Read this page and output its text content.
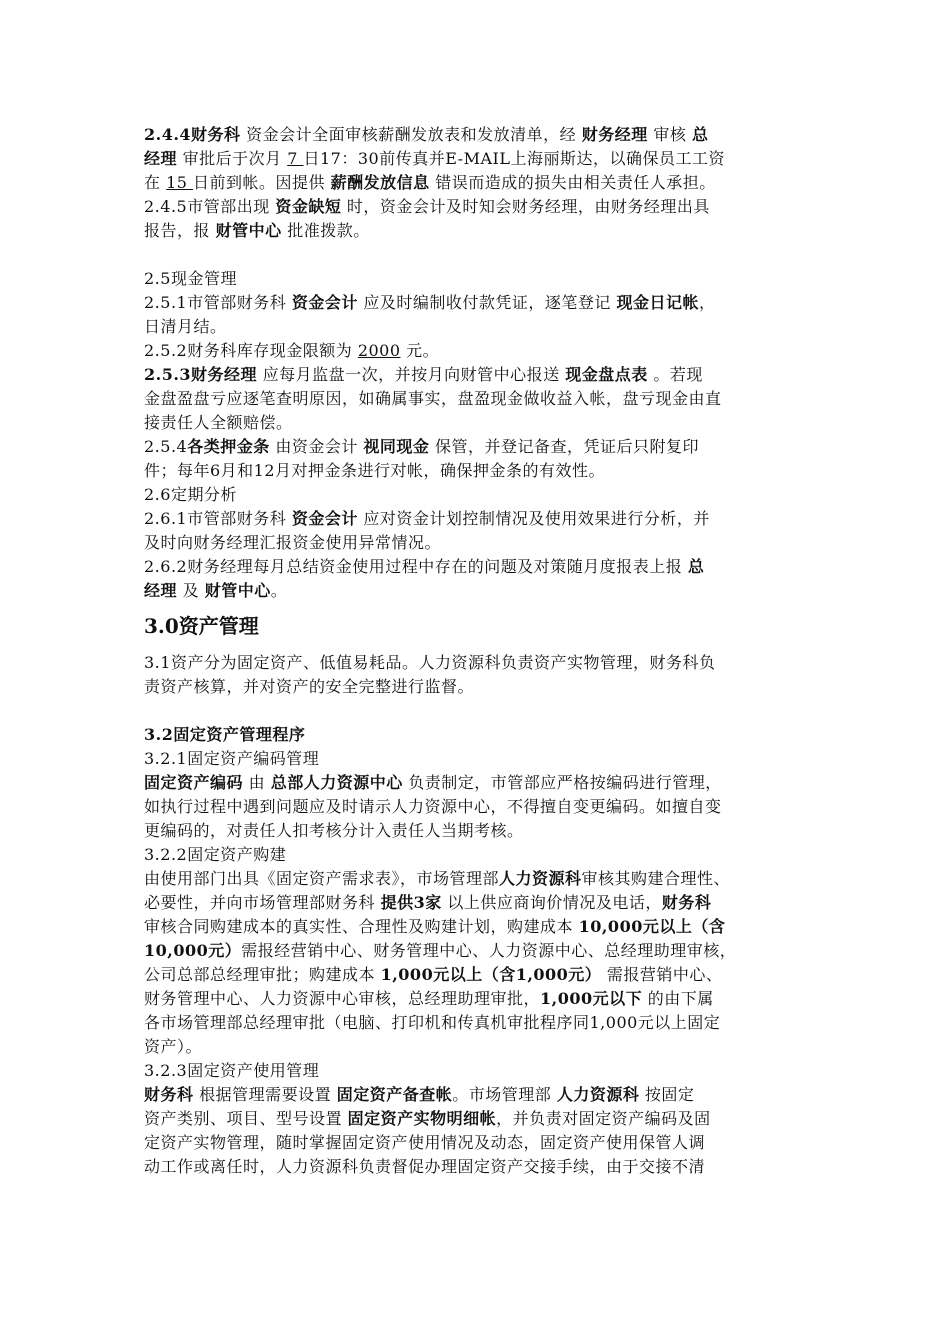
2.4.4财务科 资金会计全面审核薪酬发放表和发放清单，经 财务经理 审核 总
经理 审批后于次月 7 日17：30前传真并E-MAIL上海丽斯达，以确保员工工资
在 15 日前到帐。因提供 薪酬发放信息 错误而造成的损失由相关责任人承担。
2.4.5市管部出现 资金缺短 时，资金会计及时知会财务经理，由财务经理出具
报告，报 财管中心 批准拨款。
2.5现金管理
2.5.1市管部财务科 资金会计 应及时编制收付款凭证，逐笔登记 现金日记帐，
日清月结。
2.5.2财务科库存现金限额为 2000 元。
2.5.3财务经理 应每月监盘一次，并按月向财管中心报送 现金盘点表 。若现
金盘盈盘亏应逐笔查明原因，如确属事实，盘盈现金做收益入帐，盘亏现金由直
接责任人全额赔偿。
2.5.4各类押金条 由资金会计 视同现金 保管，并登记备查，凭证后只附复印
件；每年6月和12月对押金条进行对帐，确保押金条的有效性。
2.6定期分析
2.6.1市管部财务科 资金会计 应对资金计划控制情况及使用效果进行分析，并
及时向财务经理汇报资金使用异常情况。
2.6.2财务经理每月总结资金使用过程中存在的问题及对策随月度报表上报 总
经理 及 财管中心。
3.0资产管理
3.1资产分为固定资产、低值易耗品。人力资源科负责资产实物管理，财务科负
责资产核算，并对资产的安全完整进行监督。
3.2固定资产管理程序
3.2.1固定资产编码管理
固定资产编码 由 总部人力资源中心 负责制定，市管部应严格按编码进行管理，
如执行过程中遇到问题应及时请示人力资源中心，不得擅自变更编码。如擅自变
更编码的，对责任人扣考核分计入责任人当期考核。
3.2.2固定资产购建
由使用部门出具《固定资产需求表》，市场管理部人力资源科审核其购建合理性、
必要性，并向市场管理部财务科 提供3家 以上供应商询价情况及电话，财务科
审核合同购建成本的真实性、合理性及购建计划，购建成本 10,000元以上（含
10,000元）需报经营销中心、财务管理中心、人力资源中心、总经理助理审核，
公司总部总经理审批；购建成本 1,000元以上（含1,000元） 需报营销中心、
财务管理中心、人力资源中心审核，总经理助理审批，1,000元以下 的由下属
各市场管理部总经理审批（电脑、打印机和传真机审批程序同1,000元以上固定
资产）。
3.2.3固定资产使用管理
财务科 根据管理需要设置 固定资产备查帐。市场管理部 人力资源科 按固定
资产类别、项目、型号设置 固定资产实物明细帐，并负责对固定资产编码及固
定资产实物管理，随时掌握固定资产使用情况及动态，固定资产使用保管人调
动工作或离任时，人力资源科负责督促办理固定资产交接手续，由于交接不清
